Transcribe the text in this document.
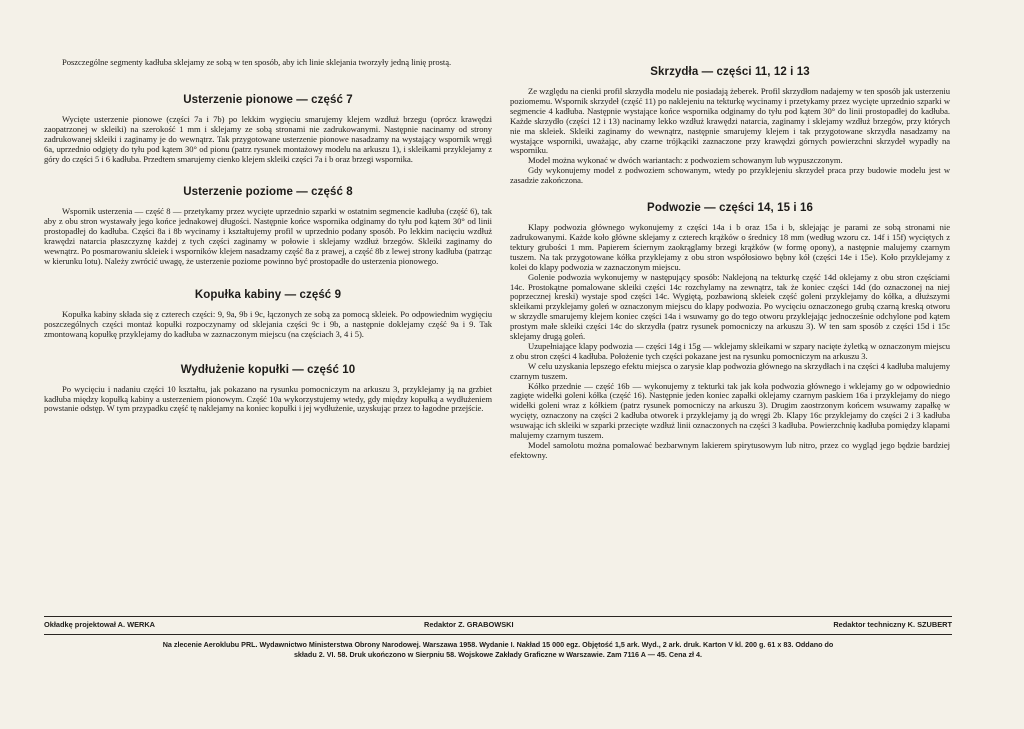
Poszczególne segmenty kadłuba sklejamy ze sobą w ten sposób, aby ich linie sklejania tworzyły jedną linię prostą.

Usterzenie pionowe — część 7

Wycięte usterzenie pionowe (części 7a i 7b) po lekkim wygięciu smarujemy klejem wzdłuż brzegu (oprócz krawędzi zaopatrzonej w skleiki) na szerokość 1 mm i sklejamy ze sobą stronami nie zadrukowanymi. Następnie nacinamy od strony zadrukowanej skleiki i zaginamy je do wewnątrz. Tak przygotowane usterzenie pionowe nasadzamy na wystający wspornik wręgi 6a, uprzednio odgięty do tyłu pod kątem 30° od pionu (patrz rysunek montażowy modelu na arkuszu 1), i skleikami przyklejamy z góry do części 5 i 6 kadłuba. Przedtem smarujemy cienko klejem skleiki części 7a i b oraz brzegi wspornika.

Usterzenie poziome — część 8

Wspornik usterzenia — część 8 — przetykamy przez wycięte uprzednio szparki w ostatnim segmencie kadłuba (część 6), tak aby z obu stron wystawały jego końce jednakowej długości. Następnie końce wspornika odginamy do tyłu pod kątem 30° od linii prostopadłej do kadłuba. Części 8a i 8b wycinamy i kształtujemy profil w uprzednio podany sposób. Po lekkim nacięciu wzdłuż krawędzi natarcia płaszczyznę każdej z tych części zaginamy w połowie i sklejamy wzdłuż brzegów. Skleiki zaginamy do wewnątrz. Po posmarowaniu skleiek i wsporników klejem nasadzamy część 8a z prawej, a część 8b z lewej strony kadłuba (patrząc w kierunku lotu). Należy zwrócić uwagę, że usterzenie poziome powinno być prostopadłe do usterzenia pionowego.

Kopułka kabiny — część 9

Kopułka kabiny składa się z czterech części: 9, 9a, 9b i 9c, łączonych ze sobą za pomocą skleiek. Po odpowiednim wygięciu poszczególnych części montaż kopułki rozpoczynamy od sklejania części 9c i 9b, a następnie doklejamy część 9a i 9. Tak zmontowaną kopułkę przyklejamy do kadłuba w zaznaczonym miejscu (na częściach 3, 4 i 5).

Wydłużenie kopułki — część 10

Po wycięciu i nadaniu części 10 kształtu, jak pokazano na rysunku pomocniczym na arkuszu 3, przyklejamy ją na grzbiet kadłuba między kopułką kabiny a usterzeniem pionowym. Część 10a wykorzystujemy wtedy, gdy między kopułką a wydłużeniem powstanie odstęp. W tym przypadku część tę naklejamy na koniec kopułki i jej wydłużenie, uzyskując przez to łagodne przejście.

Skrzydła — części 11, 12 i 13

Ze względu na cienki profil skrzydła modelu nie posiadają żeberek. Profil skrzydłom nadajemy w ten sposób jak usterzeniu poziomemu. Wspornik skrzydeł (część 11) po naklejeniu na tekturkę wycinamy i przetykamy przez wycięte uprzednio szparki w segmencie 4 kadłuba. Następnie wystające końce wspornika odginamy do tyłu pod kątem 30° do linii prostopadłej do kadłuba. Każde skrzydło (części 12 i 13) nacinamy lekko wzdłuż krawędzi natarcia, zaginamy i sklejamy wzdłuż brzegów, przy których nie ma skleiek. Skleiki zaginamy do wewnątrz, następnie smarujemy klejem i tak przygotowane skrzydła nasadzamy na wystające wsporniki, uważając, aby czarne trójkąciki zaznaczone przy krawędzi górnych powierzchni skrzydeł wypadły na wsporniku.

Model można wykonać w dwóch wariantach: z podwoziem schowanym lub wypuszczonym.

Gdy wykonujemy model z podwoziem schowanym, wtedy po przyklejeniu skrzydeł praca przy budowie modelu jest w zasadzie zakończona.

Podwozie — części 14, 15 i 16

Klapy podwozia głównego wykonujemy z części 14a i b oraz 15a i b, sklejając je parami ze sobą stronami nie zadrukowanymi. Każde koło główne sklejamy z czterech krążków o średnicy 18 mm (według wzoru cz. 14f i 15f) wyciętych z tektury grubości 1 mm. Papierem ściernym zaokrąglamy brzegi krążków (w formę opony), a następnie malujemy czarnym tuszem. Na tak przygotowane kółka przyklejamy z obu stron współosiowo bębny kół (części 14e i 15e). Koło przyklejamy z kolei do klapy podwozia w zaznaczonym miejscu.

Golenie podwozia wykonujemy w następujący sposób: Naklejoną na tekturkę część 14d oklejamy z obu stron częściami 14c. Prostokątne pomalowane skleiki części 14c rozchylamy na zewnątrz, tak że koniec części 14d (do oznaczonej na niej poprzecznej kreski) wystaje spod części 14c. Wygiętą, pozbawioną skleiek część goleni przyklejamy do kółka, a dłuższymi skleikami przyklejamy goleń w oznaczonym miejscu do klapy podwozia. Po wycięciu oznaczonego grubą czarną kreską otworu w skrzydle smarujemy klejem koniec części 14a i wsuwamy go do tego otworu przyklejając jednocześnie odchylone pod kątem prostym małe skleiki części 14c do skrzydła (patrz rysunek pomocniczy na arkuszu 3). W ten sam sposób z części 15d i 15c sklejamy drugą goleń.

Uzupełniające klapy podwozia — części 14g i 15g — wklejamy skleikami w szpary nacięte żyletką w oznaczonym miejscu z obu stron części 4 kadłuba. Położenie tych części pokazane jest na rysunku pomocniczym na arkuszu 3.

W celu uzyskania lepszego efektu miejsca o zarysie klap podwozia głównego na skrzydłach i na części 4 kadłuba malujemy czarnym tuszem.

Kółko przednie — część 16b — wykonujemy z tekturki tak jak koła podwozia głównego i wklejamy go w odpowiednio zagięte widełki goleni kółka (część 16). Następnie jeden koniec zapałki oklejamy czarnym paskiem 16a i przyklejamy do niego widełki goleni wraz z kółkiem (patrz rysunek pomocniczy na arkuszu 3). Drugim zaostrzonym końcem wsuwamy zapałkę w wycięty, oznaczony na części 2 kadłuba otworek i przyklejamy ją do wręgi 2b. Klapy 16c przyklejamy do części 2 i 3 kadłuba wsuwając ich skleiki w szparki przecięte wzdłuż linii oznaczonych na części 3 kadłuba. Powierzchnię kadłuba pomiędzy klapami malujemy czarnym tuszem.

Model samolotu można pomalować bezbarwnym lakierem spirytusowym lub nitro, przez co wygląd jego będzie bardziej efektowny.

Okładkę projektował A. WERKA	Redaktor Z. GRABOWSKI	Redaktor techniczny K. SZUBERT
Na zlecenie Aeroklubu PRL. Wydawnictwo Ministerstwa Obrony Narodowej. Warszawa 1958. Wydanie I. Nakład 15 000 egz. Objętość 1,5 ark. Wyd., 2 ark. druk. Karton V kl. 200 g. 61 x 83. Oddano do
składu 2. VI. 58. Druk ukończono w Sierpniu 58. Wojskowe Zakłady Graficzne w Warszawie. Zam 7116 A — 45. Cena zł 4.
